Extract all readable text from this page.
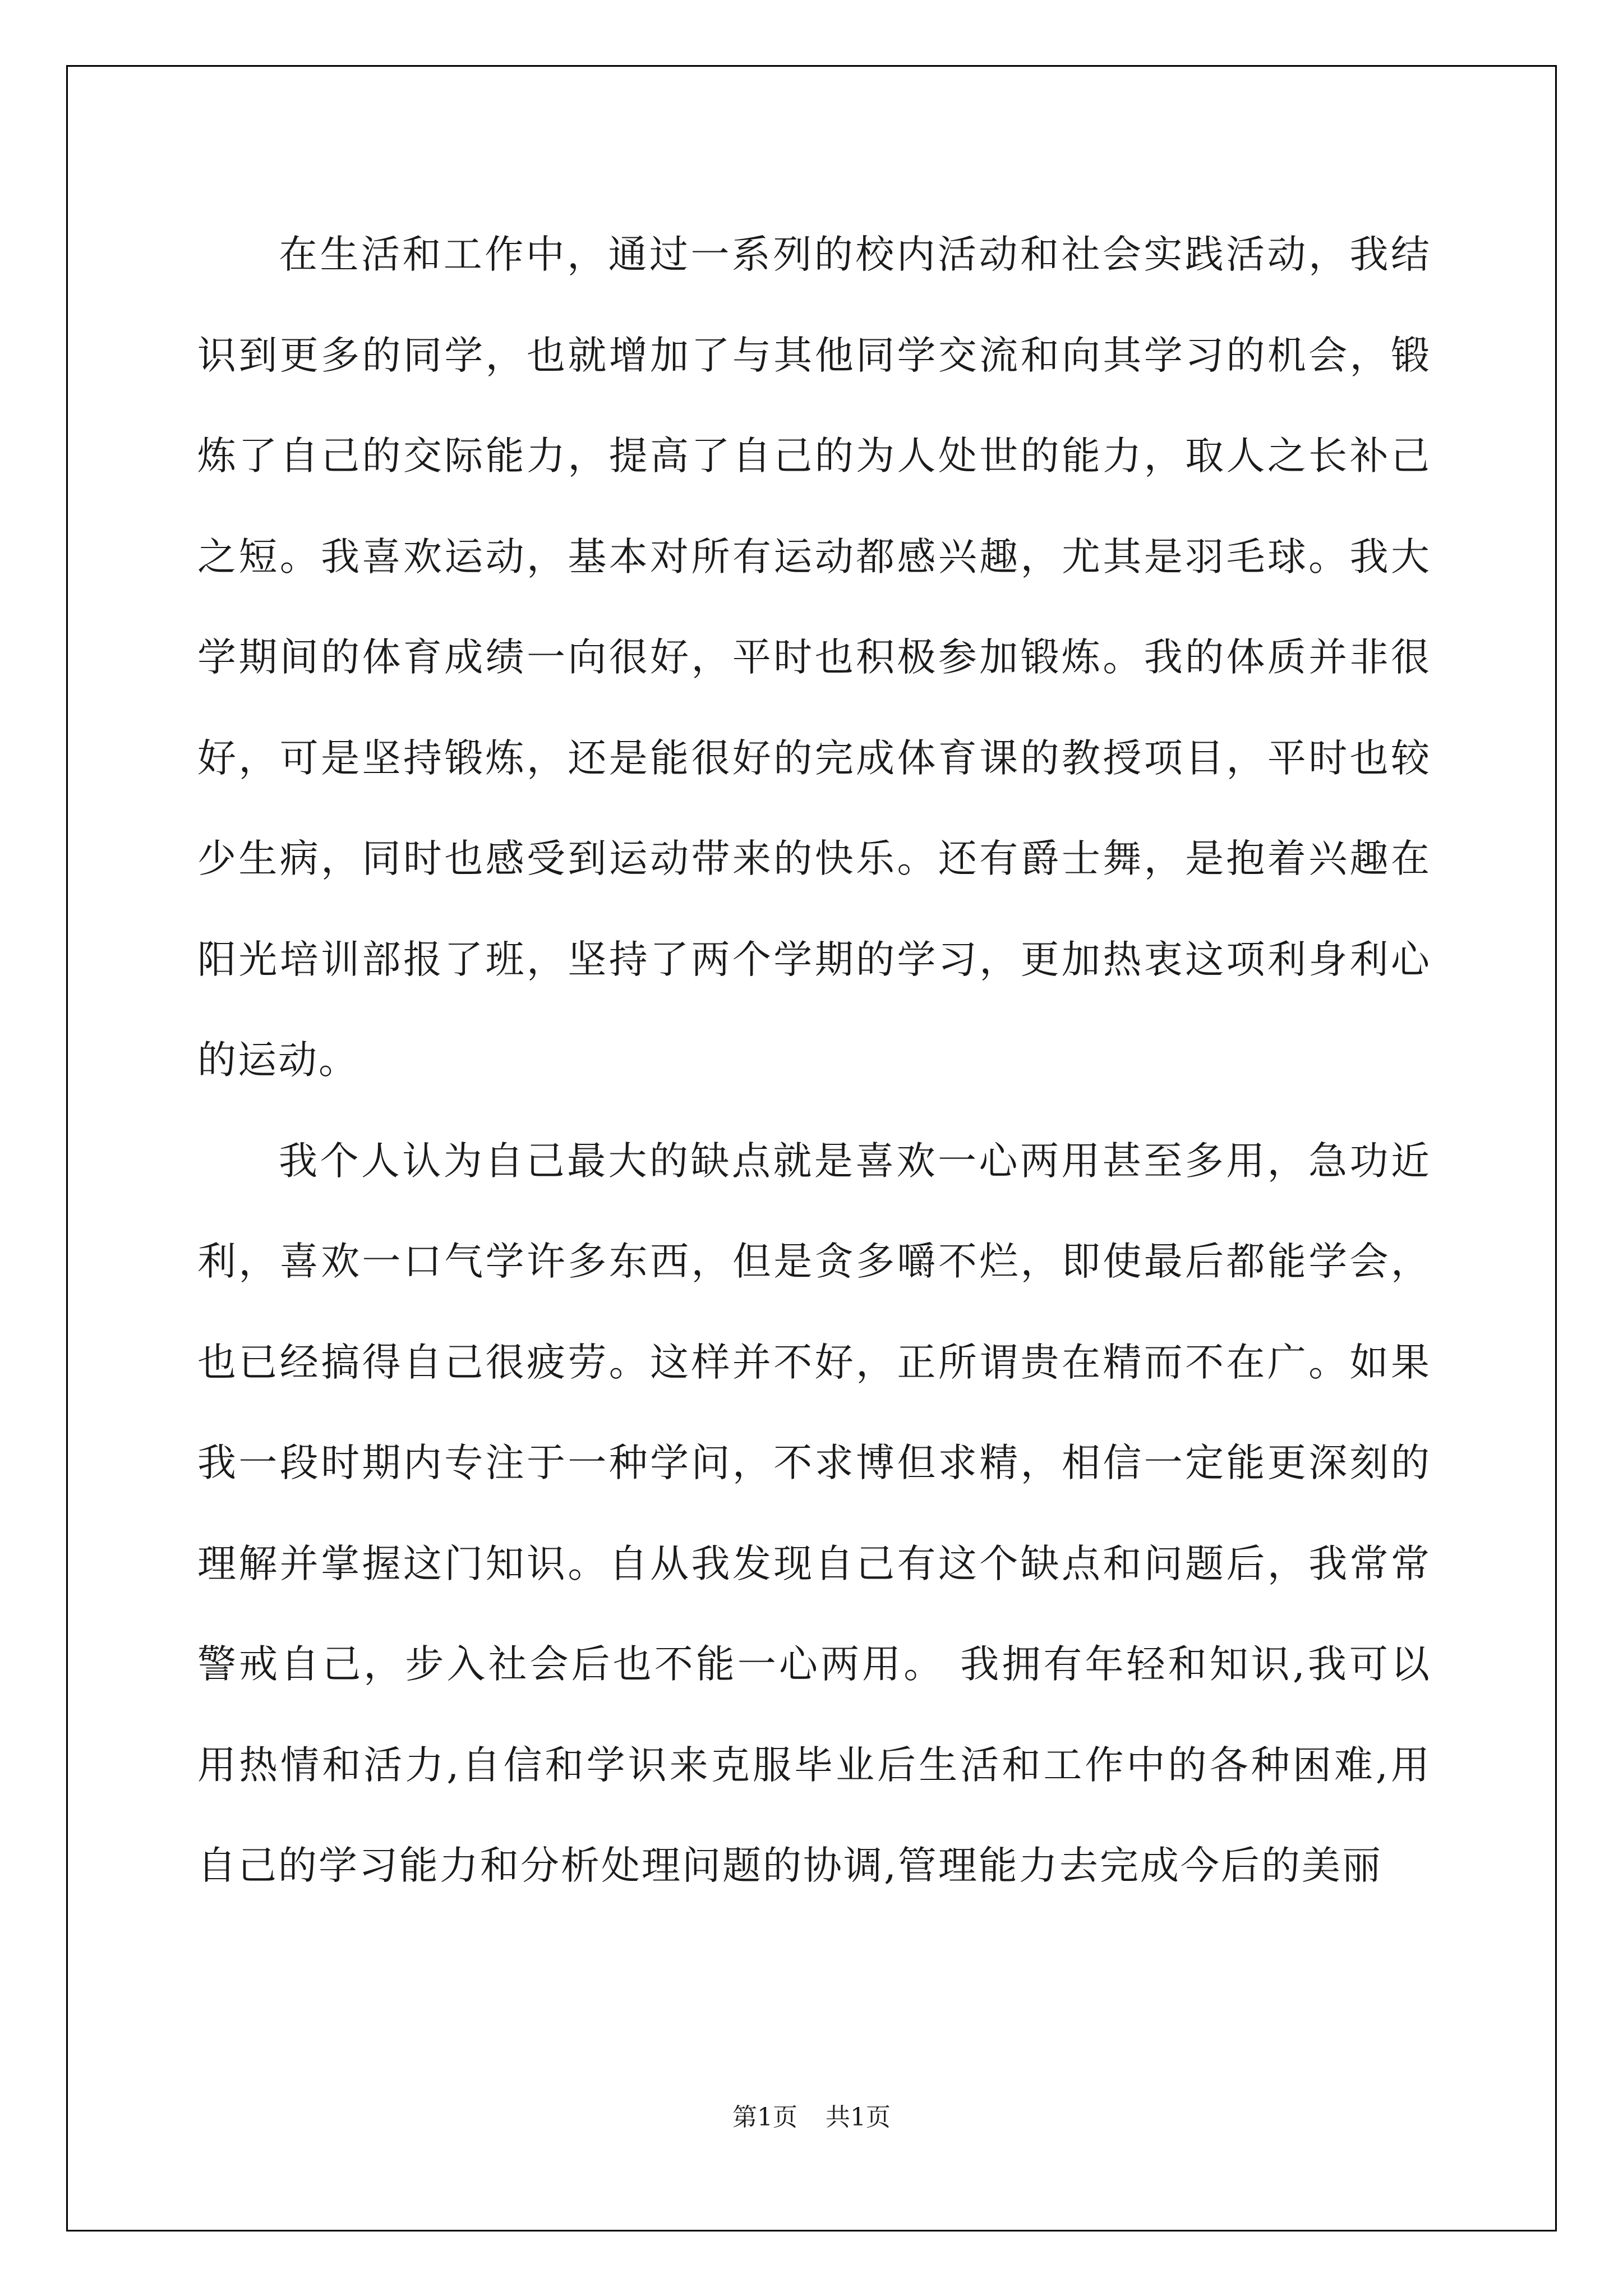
在生活和工作中，通过一系列的校内活动和社会实践活动，我结识到更多的同学，也就增加了与其他同学交流和向其学习的机会，锻炼了自己的交际能力，提高了自己的为人处世的能力，取人之长补己之短。我喜欢运动，基本对所有运动都感兴趣，尤其是羽毛球。我大学期间的体育成绩一向很好，平时也积极参加锻炼。我的体质并非很好，可是坚持锻炼，还是能很好的完成体育课的教授项目，平时也较少生病，同时也感受到运动带来的快乐。还有爵士舞，是抱着兴趣在阳光培训部报了班，坚持了两个学期的学习，更加热衷这项利身利心的运动。

我个人认为自己最大的缺点就是喜欢一心两用甚至多用，急功近利，喜欢一口气学许多东西，但是贪多嚼不烂，即使最后都能学会，也已经搞得自己很疲劳。这样并不好，正所谓贵在精而不在广。如果我一段时期内专注于一种学问，不求博但求精，相信一定能更深刻的理解并掌握这门知识。自从我发现自己有这个缺点和问题后，我常常警戒自己，步入社会后也不能一心两用。 我拥有年轻和知识,我可以用热情和活力,自信和学识来克服毕业后生活和工作中的各种困难,用自己的学习能力和分析处理问题的协调,管理能力去完成今后的美丽

第1页 共1页
